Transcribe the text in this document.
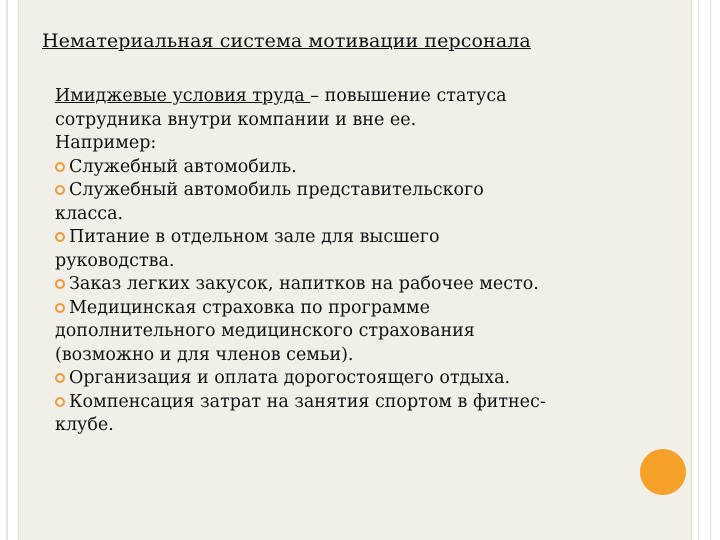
Нематериальная система мотивации персонала
Имиджевые условия труда – повышение статуса
сотрудника внутри компании и вне ее.
Например:
Служебный автомобиль.
Служебный автомобиль представительского
класса.
Питание в отдельном зале для высшего
руководства.
Заказ легких закусок, напитков на рабочее место.
Медицинская страховка по программе
дополнительного медицинского страхования
(возможно и для членов семьи).
Организация и оплата дорогостоящего отдыха.
Компенсация затрат на занятия спортом в фитнес-
клубе.
